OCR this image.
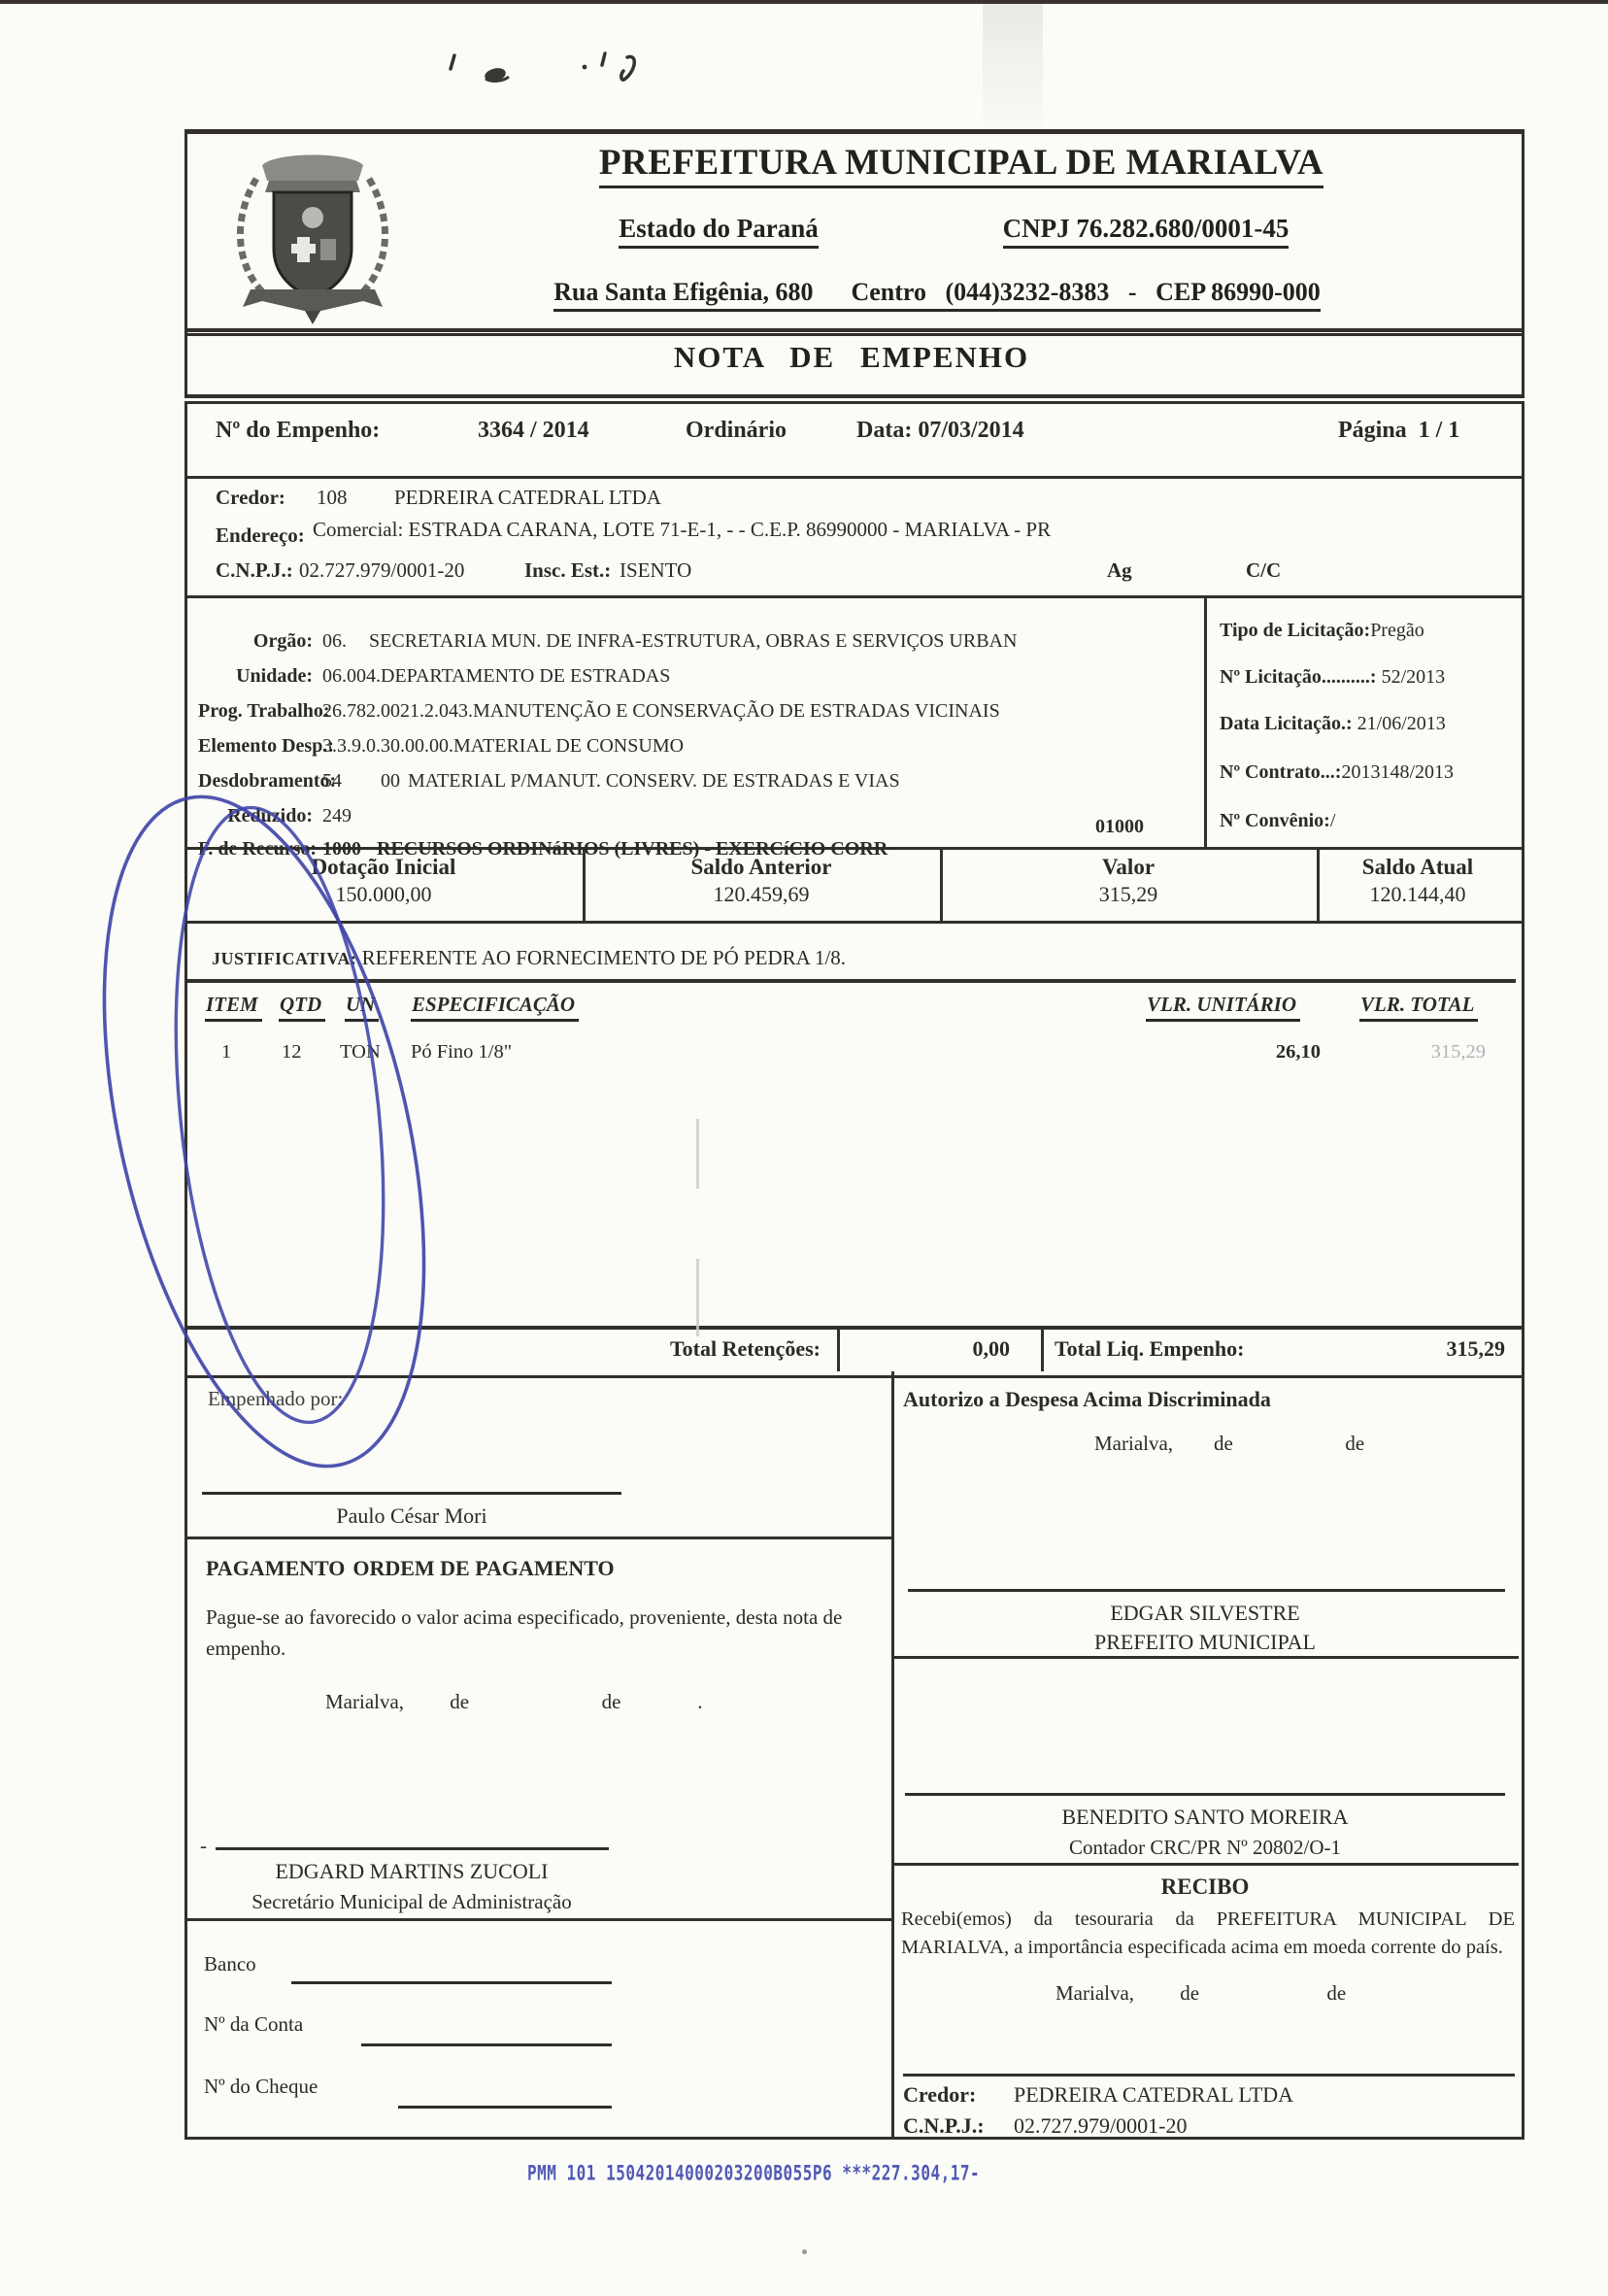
PREFEITURA MUNICIPAL DE MARIALVA
Estado do Paraná	CNPJ 76.282.680/0001-45
Rua Santa Efigênia, 680      Centro   (044)3232-8383   -   CEP 86990-000
NOTA DE EMPENHO
Nº do Empenho:	3364 / 2014	Ordinário	Data: 07/03/2014	Página  1 / 1
Credor: 108 PEDREIRA CATEDRAL LTDA
Endereço: Comercial: ESTRADA CARANA, LOTE 71-E-1, - - C.E.P. 86990000 - MARIALVA - PR
C.N.P.J.: 02.727.979/0001-20	Insc. Est.: ISENTO	Ag	C/C

Orgão: 06. SECRETARIA MUN. DE INFRA-ESTRUTURA, OBRAS E SERVIÇOS URBAN

Unidade: 06.004.DEPARTAMENTO DE ESTRADAS

Prog. Trabalho:26.782.0021.2.043.MANUTENÇÃO E CONSERVAÇÃO DE ESTRADAS VICINAIS

Elemento Desp.:3.3.9.0.30.00.00.MATERIAL DE CONSUMO

Desdobramento:54        00 MATERIAL P/MANUT. CONSERV. DE ESTRADAS E VIAS

Reduzido: 249

F. de Recurso: 1000 RECURSOS ORDINáRIOS (LIVRES) - EXERCíCIO CORR

01000
Tipo de Licitação:Pregão
Nº Licitação..........: 52/2013
Data Licitação.: 21/06/2013
Nº Contrato...:2013148/2013
Nº Convênio:/
Dotação Inicial
150.000,00
Saldo Anterior
120.459,69
Valor
315,29
Saldo Atual
120.144,40

JUSTIFICATIVA: REFERENTE AO FORNECIMENTO DE PÓ PEDRA 1/8.

ITEM QTD UN ESPECIFICAÇÃO	VLR. UNITÁRIO	VLR. TOTAL
1	12 TON Pó Fino 1/8"	26,10	315,29
Total Retenções:	0,00 Total Liq. Empenho:	315,29
Empenhado por:
Paulo César Mori
PAGAMENTO ORDEM DE PAGAMENTO
Pague-se ao favorecido o valor acima especificado, proveniente, desta nota de empenho.
Marialva,         de                          de               .
-
EDGARD MARTINS ZUCOLI
Secretário Municipal de Administração
Banco
Nº da Conta
Nº do Cheque
Autorizo a Despesa Acima Discriminada
Marialva,        de                      de
EDGAR SILVESTRE
PREFEITO MUNICIPAL
BENEDITO SANTO MOREIRA
Contador CRC/PR Nº 20802/O-1
RECIBO
Recebi(emos) da tesouraria da PREFEITURA MUNICIPAL DE MARIALVA, a importância especificada acima em moeda corrente do país.
Marialva,         de                         de
Credor: PEDREIRA CATEDRAL LTDA
C.N.P.J.: 02.727.979/0001-20
PMM 101 15042014000203200B055P6 ***227.304,17-
